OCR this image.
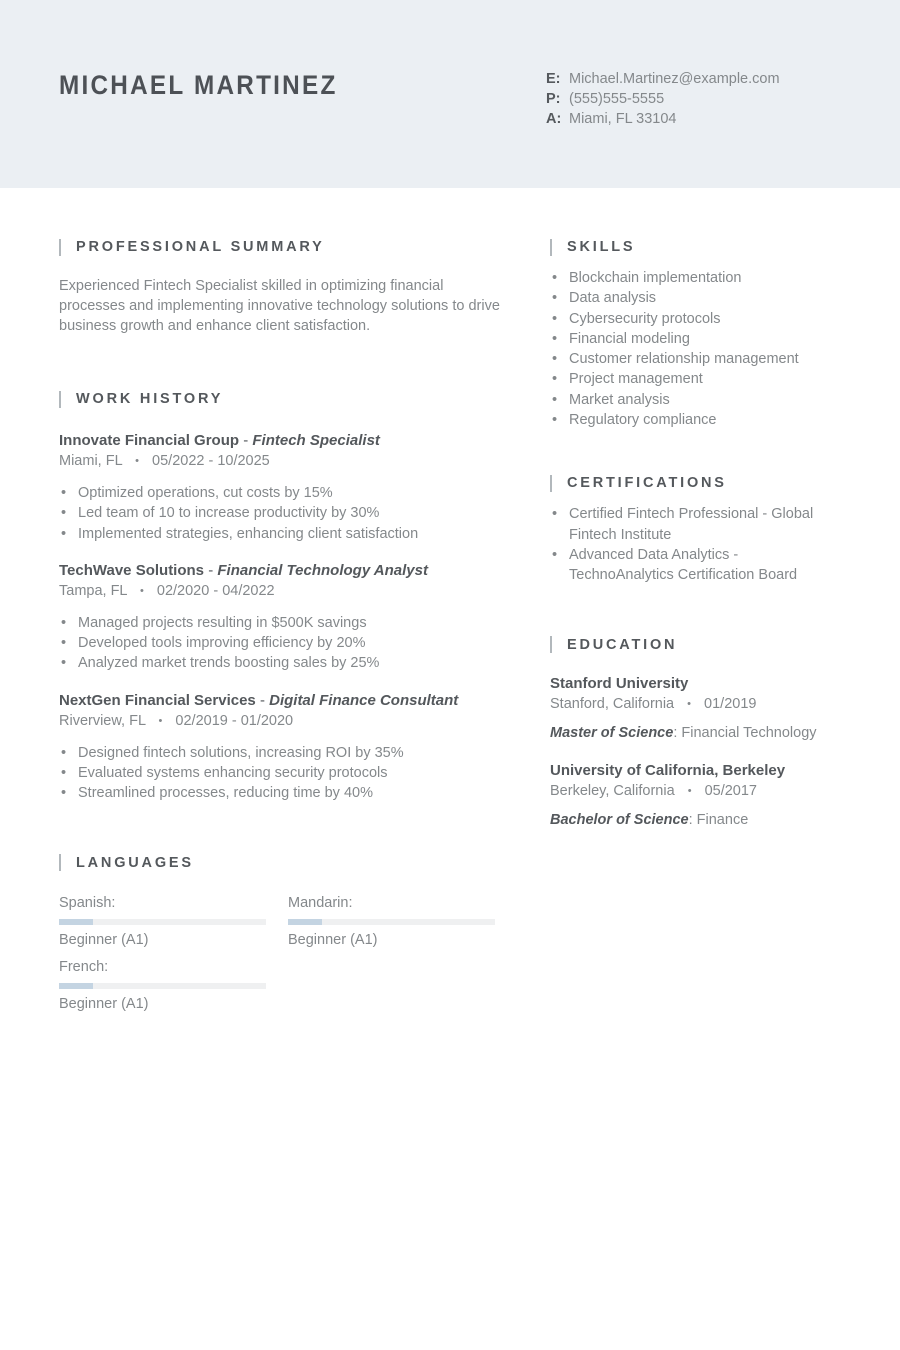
MICHAEL MARTINEZ	E: Michael.Martinez@example.com
P: (555)555-5555
A: Miami, FL 33104
PROFESSIONAL SUMMARY

Experienced Fintech Specialist skilled in optimizing financial processes and implementing innovative technology solutions to drive business growth and enhance client satisfaction.

WORK HISTORY
Innovate Financial Group - Fintech Specialist
Miami, FL • 05/2022 - 10/2025
• Optimized operations, cut costs by 15%
• Led team of 10 to increase productivity by 30%
• Implemented strategies, enhancing client satisfaction
TechWave Solutions - Financial Technology Analyst
Tampa, FL • 02/2020 - 04/2022
• Managed projects resulting in $500K savings
• Developed tools improving efficiency by 20%
• Analyzed market trends boosting sales by 25%
NextGen Financial Services - Digital Finance Consultant
Riverview, FL • 02/2019 - 01/2020
• Designed fintech solutions, increasing ROI by 35%
• Evaluated systems enhancing security protocols
• Streamlined processes, reducing time by 40%
LANGUAGES
Spanish:
Beginner (A1)
Mandarin:
Beginner (A1)
French:
Beginner (A1)
SKILLS
• Blockchain implementation
• Data analysis
• Cybersecurity protocols
• Financial modeling
• Customer relationship management
• Project management
• Market analysis
• Regulatory compliance
CERTIFICATIONS
• Certified Fintech Professional - Global Fintech Institute
• Advanced Data Analytics - TechnoAnalytics Certification Board
EDUCATION
Stanford University
Stanford, California • 01/2019
Master of Science: Financial Technology
University of California, Berkeley
Berkeley, California • 05/2017
Bachelor of Science: Finance
